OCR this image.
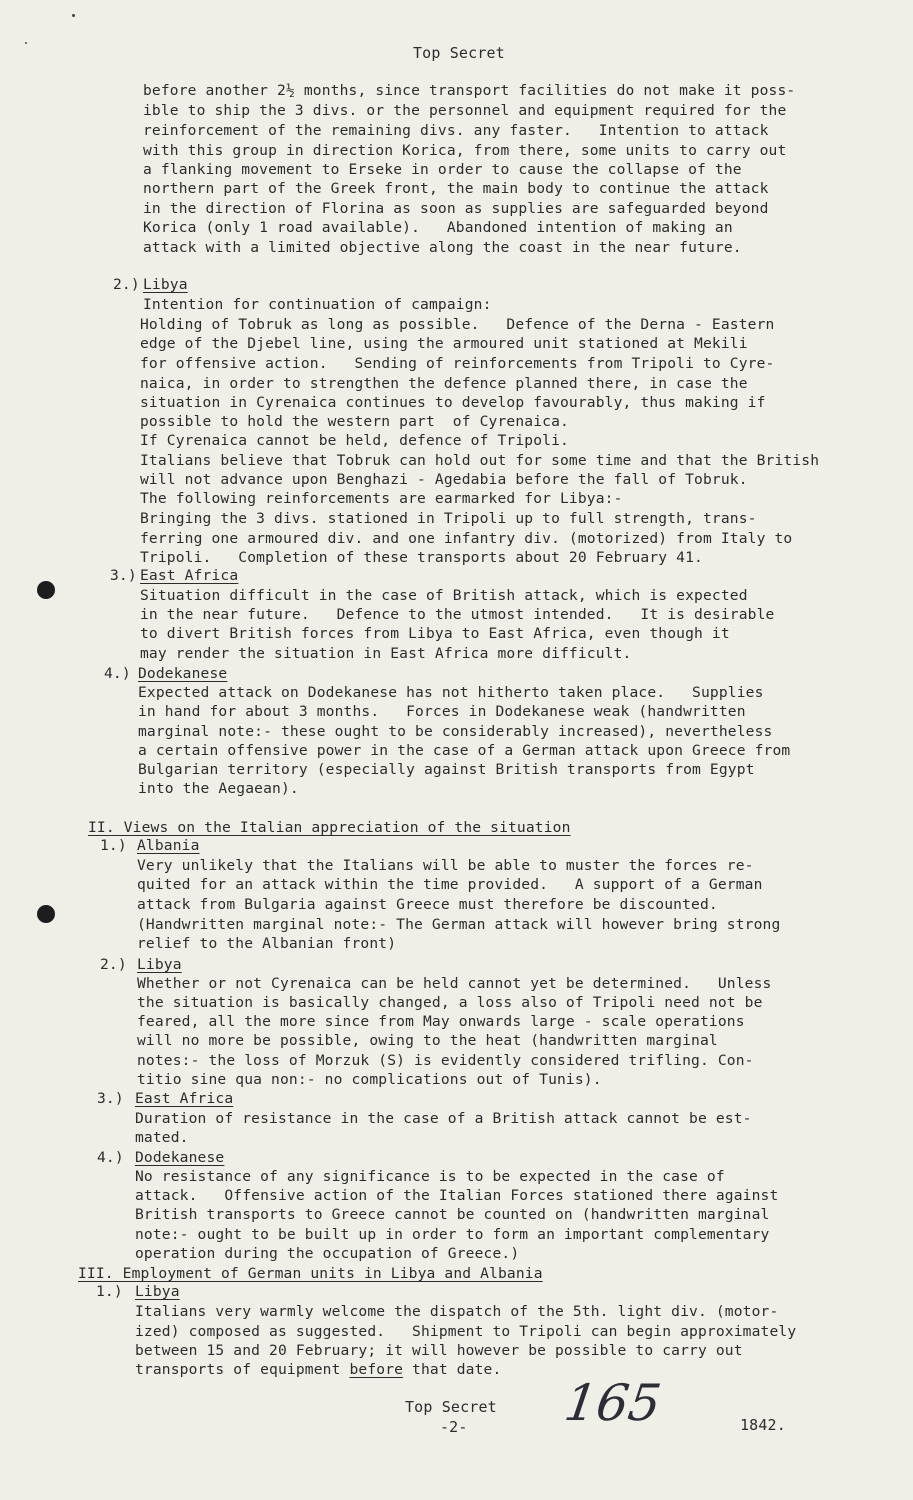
Top Secret
before another 2½ months, since transport facilities do not make it poss-
ible to ship the 3 divs. or the personnel and equipment required for the
reinforcement of the remaining divs. any faster.   Intention to attack
with this group in direction Korica, from there, some units to carry out
a flanking movement to Erseke in order to cause the collapse of the
northern part of the Greek front, the main body to continue the attack
in the direction of Florina as soon as supplies are safeguarded beyond
Korica (only 1 road available).   Abandoned intention of making an
attack with a limited objective along the coast in the near future.
2.) Libya
Intention for continuation of campaign:
Holding of Tobruk as long as possible.   Defence of the Derna - Eastern
edge of the Djebel line, using the armoured unit stationed at Mekili
for offensive action.   Sending of reinforcements from Tripoli to Cyre-
naica, in order to strengthen the defence planned there, in case the
situation in Cyrenaica continues to develop favourably, thus making if
possible to hold the western part  of Cyrenaica.
If Cyrenaica cannot be held, defence of Tripoli.
Italians believe that Tobruk can hold out for some time and that the British
will not advance upon Benghazi - Agedabia before the fall of Tobruk.
The following reinforcements are earmarked for Libya:-
Bringing the 3 divs. stationed in Tripoli up to full strength, trans-
ferring one armoured div. and one infantry div. (motorized) from Italy to
Tripoli.   Completion of these transports about 20 February 41.
3.) East Africa
Situation difficult in the case of British attack, which is expected
in the near future.   Defence to the utmost intended.   It is desirable
to divert British forces from Libya to East Africa, even though it
may render the situation in East Africa more difficult.
4.) Dodekanese
Expected attack on Dodekanese has not hitherto taken place.   Supplies
in hand for about 3 months.   Forces in Dodekanese weak (handwritten
marginal note:- these ought to be considerably increased), nevertheless
a certain offensive power in the case of a German attack upon Greece from
Bulgarian territory (especially against British transports from Egypt
into the Aegaean).
II. Views on the Italian appreciation of the situation
1.) Albania
Very unlikely that the Italians will be able to muster the forces re-
quited for an attack within the time provided.   A support of a German
attack from Bulgaria against Greece must therefore be discounted.
(Handwritten marginal note:- The German attack will however bring strong
relief to the Albanian front)
2.) Libya
Whether or not Cyrenaica can be held cannot yet be determined.   Unless
the situation is basically changed, a loss also of Tripoli need not be
feared, all the more since from May onwards large - scale operations
will no more be possible, owing to the heat (handwritten marginal
notes:- the loss of Morzuk (S) is evidently considered trifling. Con-
titio sine qua non:- no complications out of Tunis).
3.) East Africa
Duration of resistance in the case of a British attack cannot be est-
mated.
4.) Dodekanese
No resistance of any significance is to be expected in the case of
attack.   Offensive action of the Italian Forces stationed there against
British transports to Greece cannot be counted on (handwritten marginal
note:- ought to be built up in order to form an important complementary
operation during the occupation of Greece.)
III. Employment of German units in Libya and Albania
1.) Libya
Italians very warmly welcome the dispatch of the 5th. light div. (motor-
ized) composed as suggested.   Shipment to Tripoli can begin approximately
between 15 and 20 February; it will however be possible to carry out
transports of equipment before that date.
Top Secret
-2- 165	1842.
